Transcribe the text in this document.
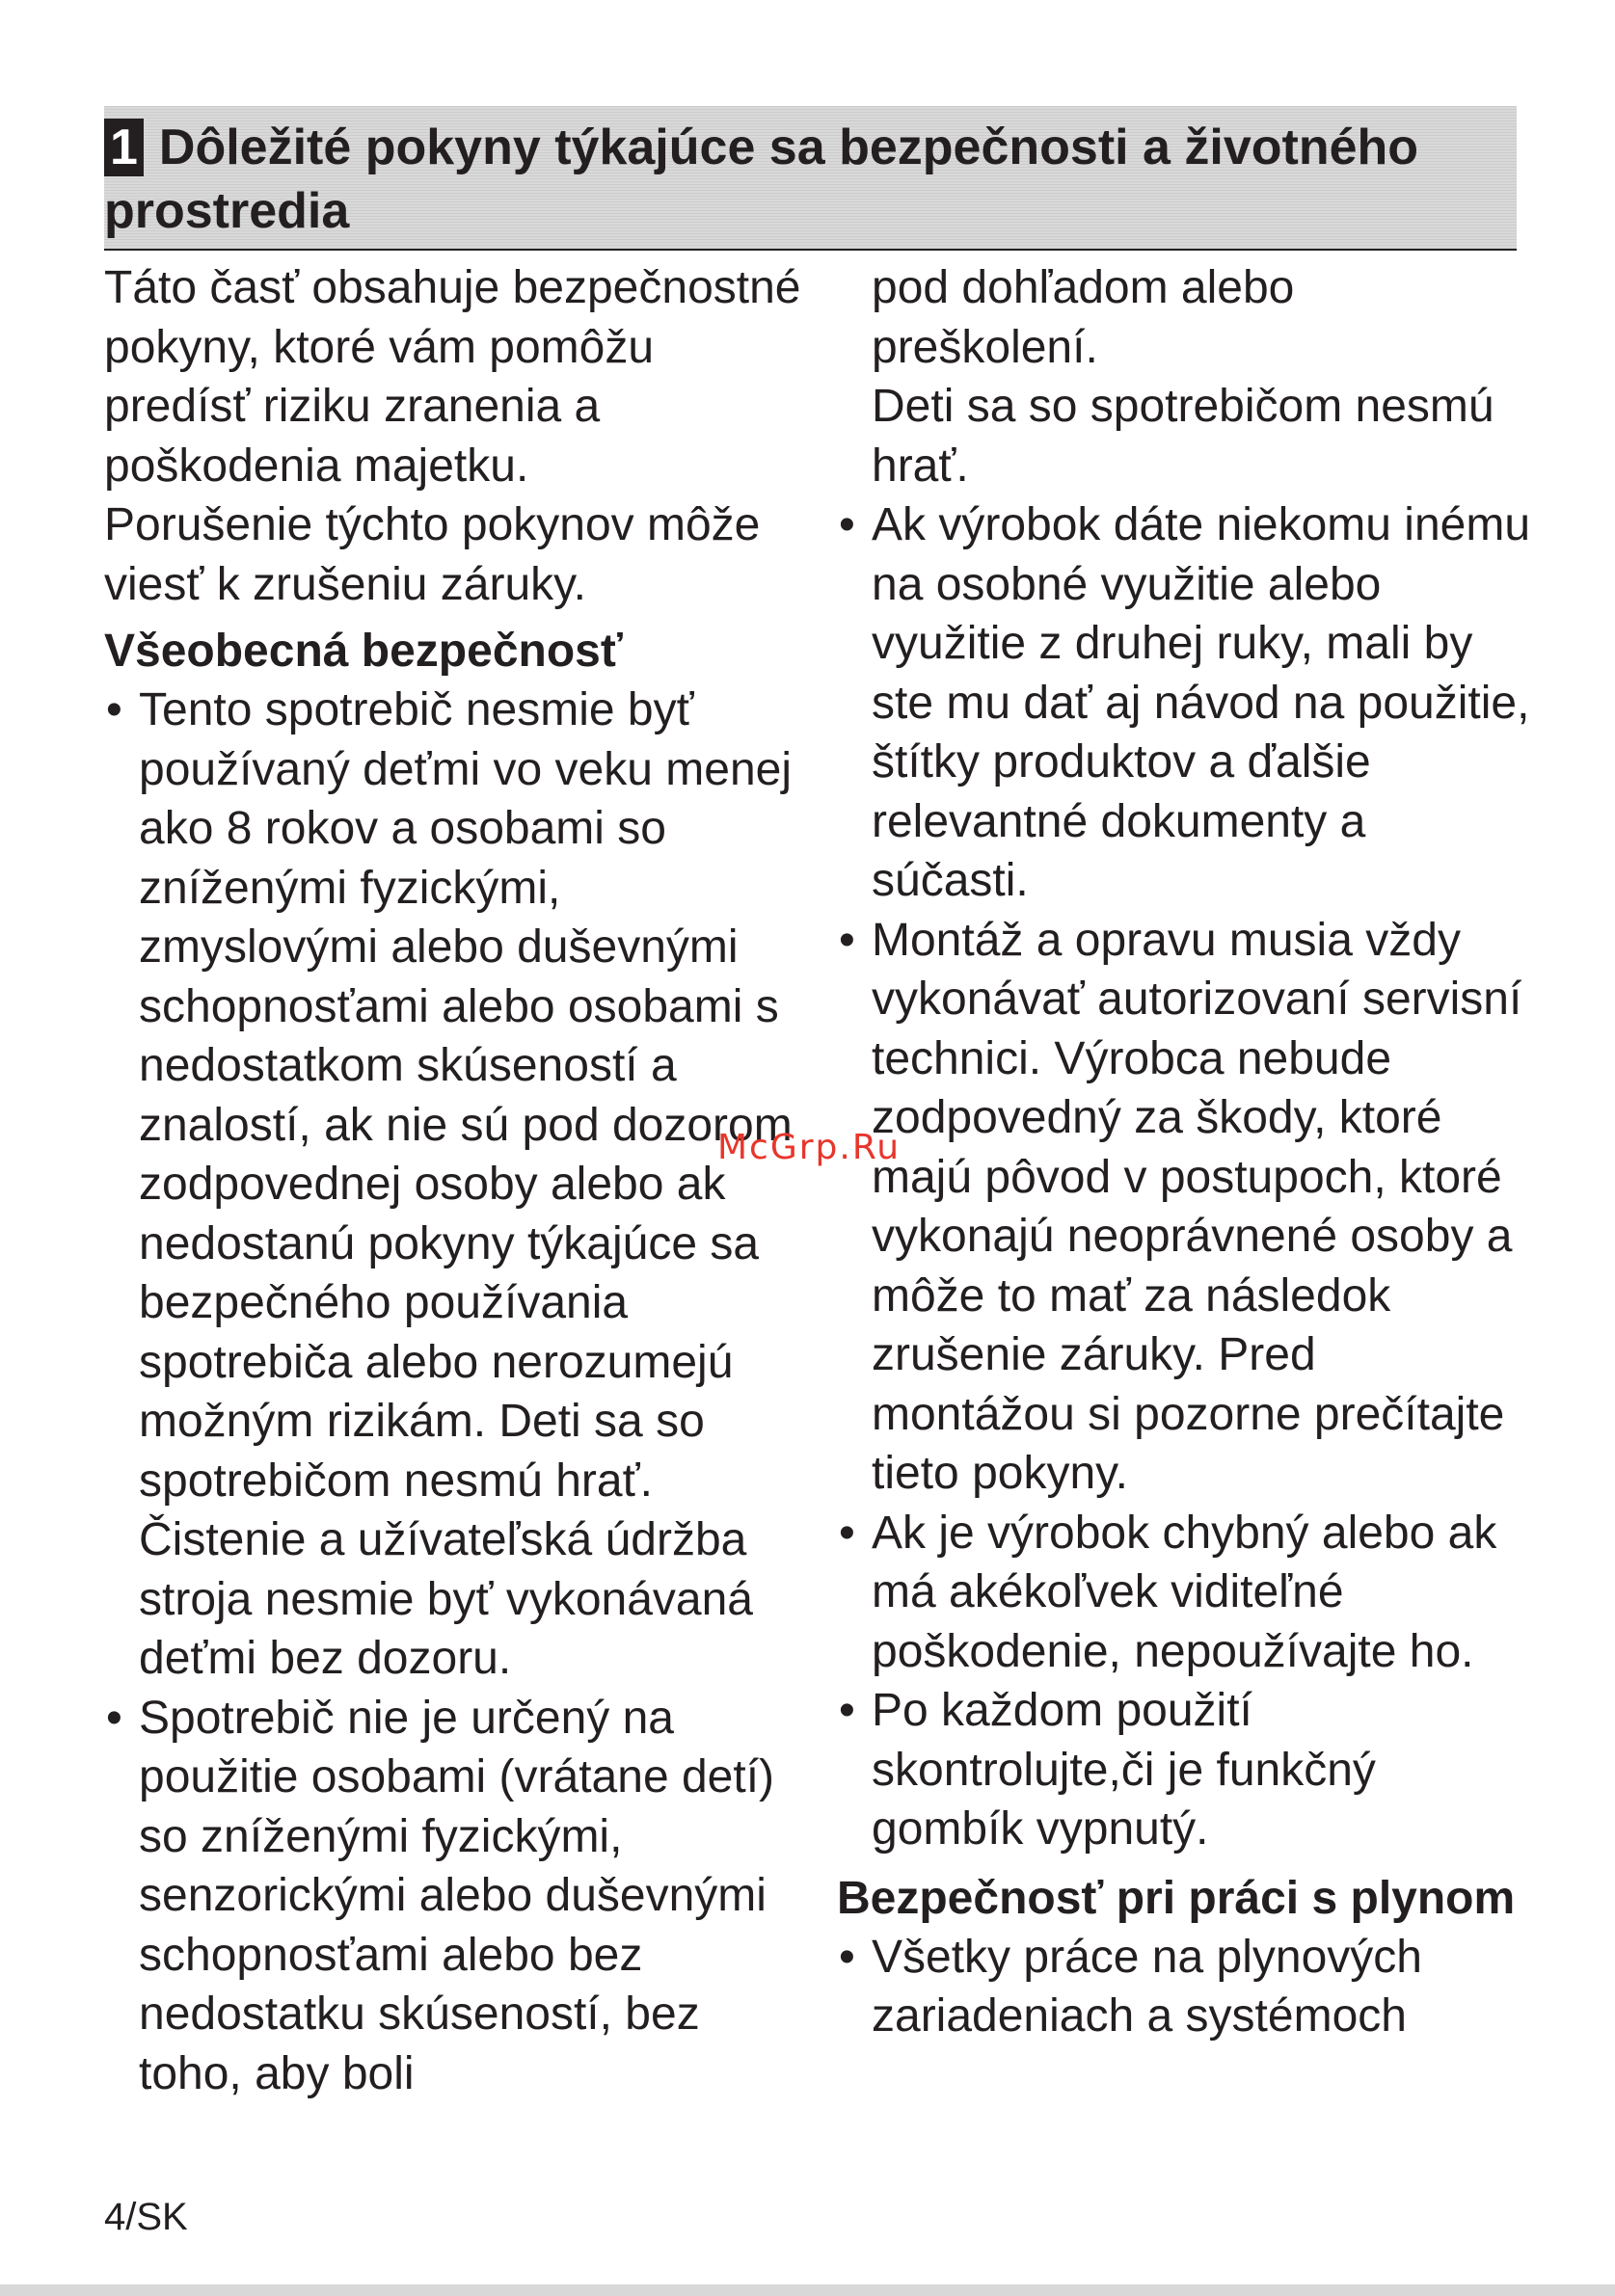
1 Dôležité pokyny týkajúce sa bezpečnosti a životného prostredia

Táto časť obsahuje bezpečnostné pokyny, ktoré vám pomôžu predísť riziku zranenia a poškodenia majetku.

Porušenie týchto pokynov môže viesť k zrušeniu záruky.

Všeobecná bezpečnosť

• Tento spotrebič nesmie byť používaný deťmi vo veku menej ako 8 rokov a osobami so zníženými fyzickými, zmyslovými alebo duševnými schopnosťami alebo osobami s nedostatkom skúseností a znalostí, ak nie sú pod dozorom zodpovednej osoby alebo ak nedostanú pokyny týkajúce sa bezpečného používania spotrebiča alebo nerozumejú možným rizikám. Deti sa so spotrebičom nesmú hrať. Čistenie a užívateľská údržba stroja nesmie byť vykonávaná deťmi bez dozoru.
• Spotrebič nie je určený na použitie osobami (vrátane detí) so zníženými fyzickými, senzorickými alebo duševnými schopnosťami alebo bez nedostatku skúseností, bez toho, aby boli

pod dohľadom alebo preškolení.

Deti sa so spotrebičom nesmú hrať.

• Ak výrobok dáte niekomu inému na osobné využitie alebo využitie z druhej ruky, mali by ste mu dať aj návod na použitie, štítky produktov a ďalšie relevantné dokumenty a súčasti.
• Montáž a opravu musia vždy vykonávať autorizovaní servisní technici. Výrobca nebude zodpovedný za škody, ktoré majú pôvod v postupoch, ktoré vykonajú neoprávnené osoby a môže to mať za následok zrušenie záruky. Pred montážou si pozorne prečítajte tieto pokyny.
• Ak je výrobok chybný alebo ak má akékoľvek viditeľné poškodenie, nepoužívajte ho.
• Po každom použití skontrolujte,či je funkčný gombík vypnutý.

Bezpečnosť pri práci s plynom

• Všetky práce na plynových zariadeniach a systémoch
McGrp.Ru
4/SK
